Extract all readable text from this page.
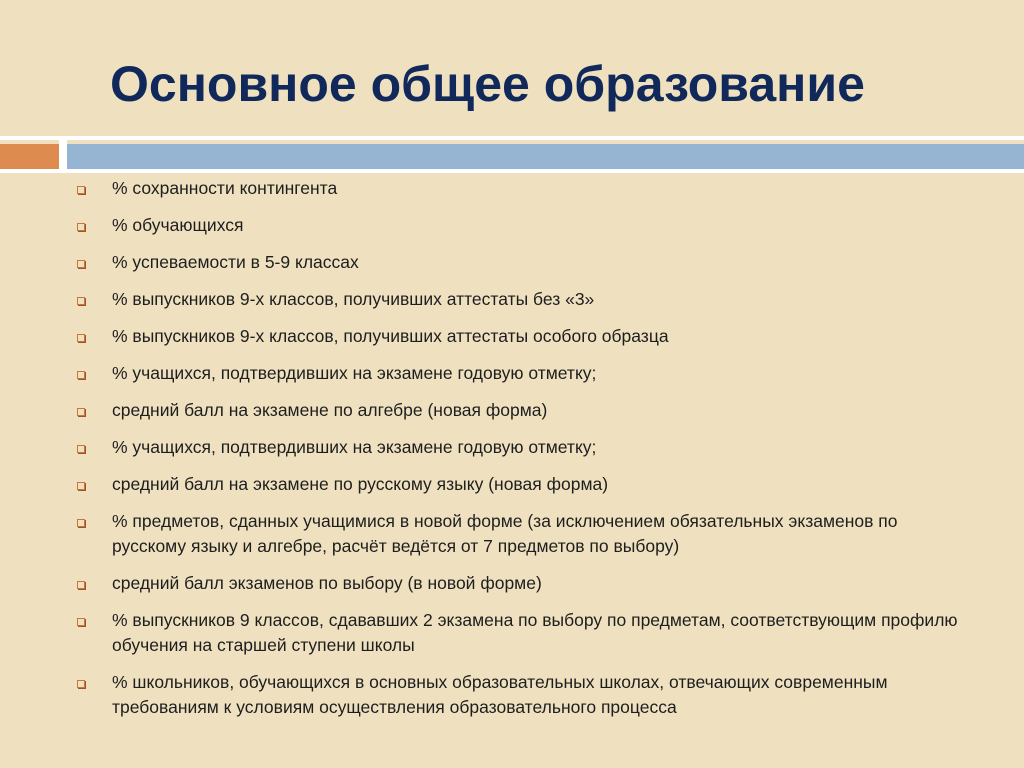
Основное общее образование
% сохранности контингента
% обучающихся
% успеваемости в 5-9 классах
% выпускников 9-х классов, получивших аттестаты без «3»
% выпускников 9-х классов, получивших аттестаты особого образца
% учащихся, подтвердивших на экзамене годовую отметку;
средний балл на экзамене по алгебре (новая форма)
% учащихся, подтвердивших на экзамене годовую отметку;
средний балл на экзамене по русскому языку (новая форма)
% предметов, сданных учащимися в новой форме (за исключением обязательных экзаменов по русскому языку и алгебре, расчёт ведётся от 7 предметов по выбору)
средний балл экзаменов по выбору (в новой форме)
% выпускников 9 классов, сдававших 2 экзамена по выбору по предметам, соответствующим профилю обучения на старшей ступени школы
% школьников, обучающихся в основных образовательных школах, отвечающих современным требованиям к условиям осуществления образовательного процесса
